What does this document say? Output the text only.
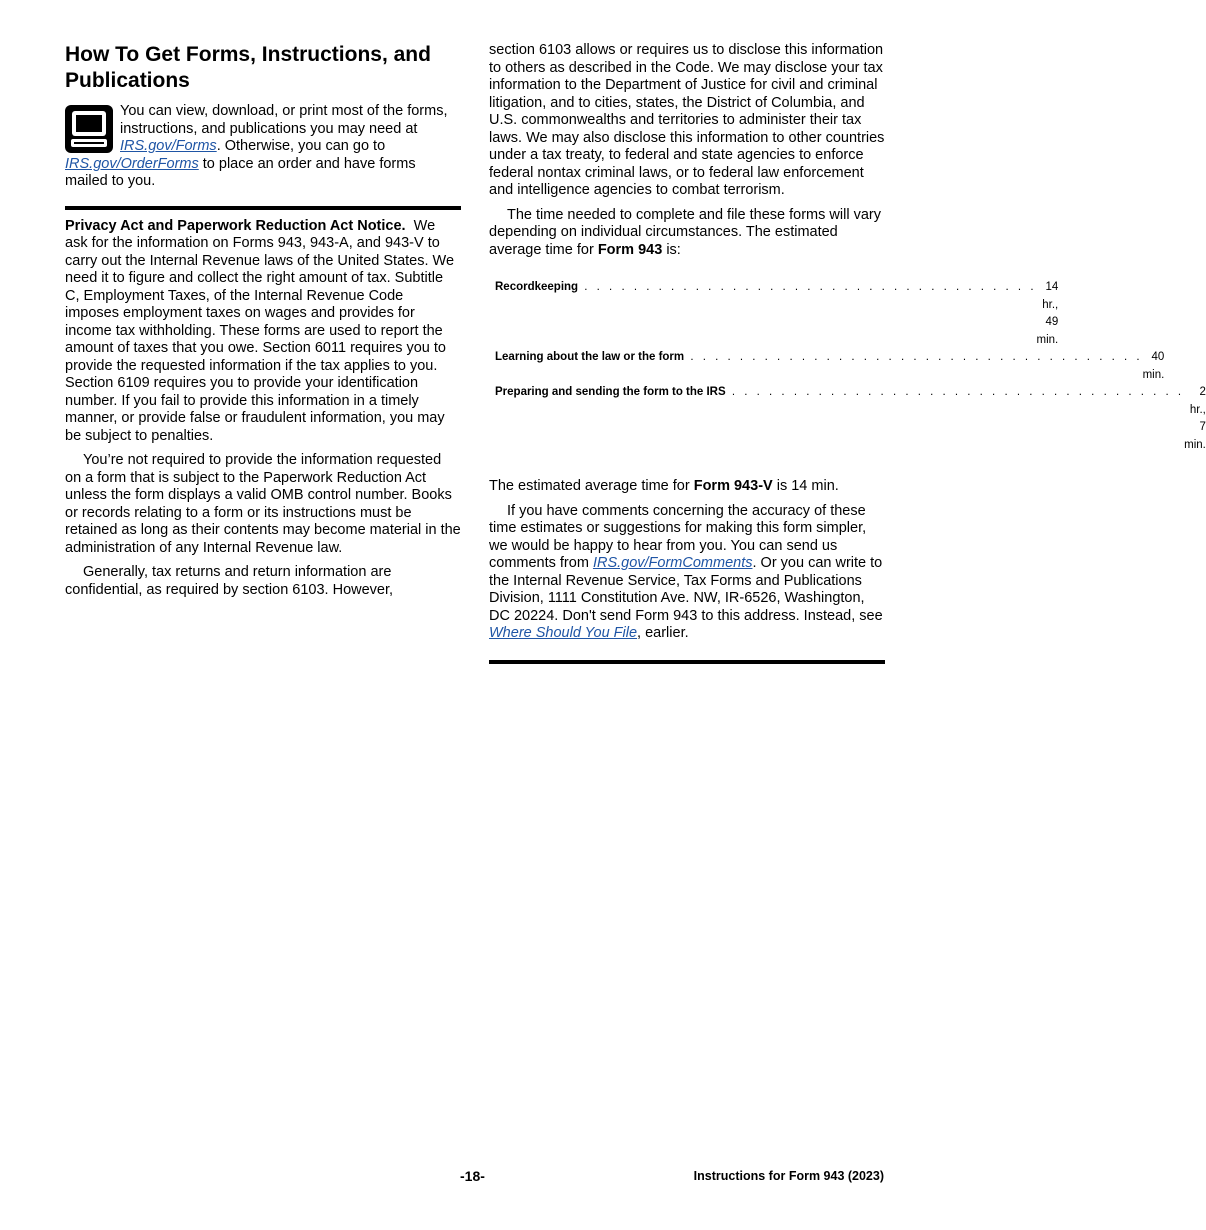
How To Get Forms, Instructions, and Publications
You can view, download, or print most of the forms, instructions, and publications you may need at IRS.gov/Forms. Otherwise, you can go to IRS.gov/OrderForms to place an order and have forms mailed to you.

Privacy Act and Paperwork Reduction Act Notice. We ask for the information on Forms 943, 943-A, and 943-V to carry out the Internal Revenue laws of the United States. We need it to figure and collect the right amount of tax. Subtitle C, Employment Taxes, of the Internal Revenue Code imposes employment taxes on wages and provides for income tax withholding. These forms are used to report the amount of taxes that you owe. Section 6011 requires you to provide the requested information if the tax applies to you. Section 6109 requires you to provide your identification number. If you fail to provide this information in a timely manner, or provide false or fraudulent information, you may be subject to penalties.

You’re not required to provide the information requested on a form that is subject to the Paperwork Reduction Act unless the form displays a valid OMB control number. Books or records relating to a form or its instructions must be retained as long as their contents may become material in the administration of any Internal Revenue law.

Generally, tax returns and return information are confidential, as required by section 6103. However,

section 6103 allows or requires us to disclose this information to others as described in the Code. We may disclose your tax information to the Department of Justice for civil and criminal litigation, and to cities, states, the District of Columbia, and U.S. commonwealths and territories to administer their tax laws. We may also disclose this information to other countries under a tax treaty, to federal and state agencies to enforce federal nontax criminal laws, or to federal law enforcement and intelligence agencies to combat terrorism.

The time needed to complete and file these forms will vary depending on individual circumstances. The estimated average time for Form 943 is:

Recordkeeping . . . . . . . . . . . . . . . . . . . . . . . . . . . . . . . . . . . . . 14 hr., 49 min.
Learning about the law or the form . . . . . . . . . . . . . . . . . . . . . . . . . . . . . . . . . . . . . 40 min.
Preparing and sending the form to the IRS . . . . . . . . . . . . . . . . . . . . . . . . . . . . . . . . . . . . .	2 hr., 7 min.

The estimated average time for Form 943-V is 14 min.

If you have comments concerning the accuracy of these time estimates or suggestions for making this form simpler, we would be happy to hear from you. You can send us comments from IRS.gov/FormComments. Or you can write to the Internal Revenue Service, Tax Forms and Publications Division, 1111 Constitution Ave. NW, IR-6526, Washington, DC 20224. Don't send Form 943 to this address. Instead, see Where Should You File, earlier.

-18-	Instructions for Form 943 (2023)
